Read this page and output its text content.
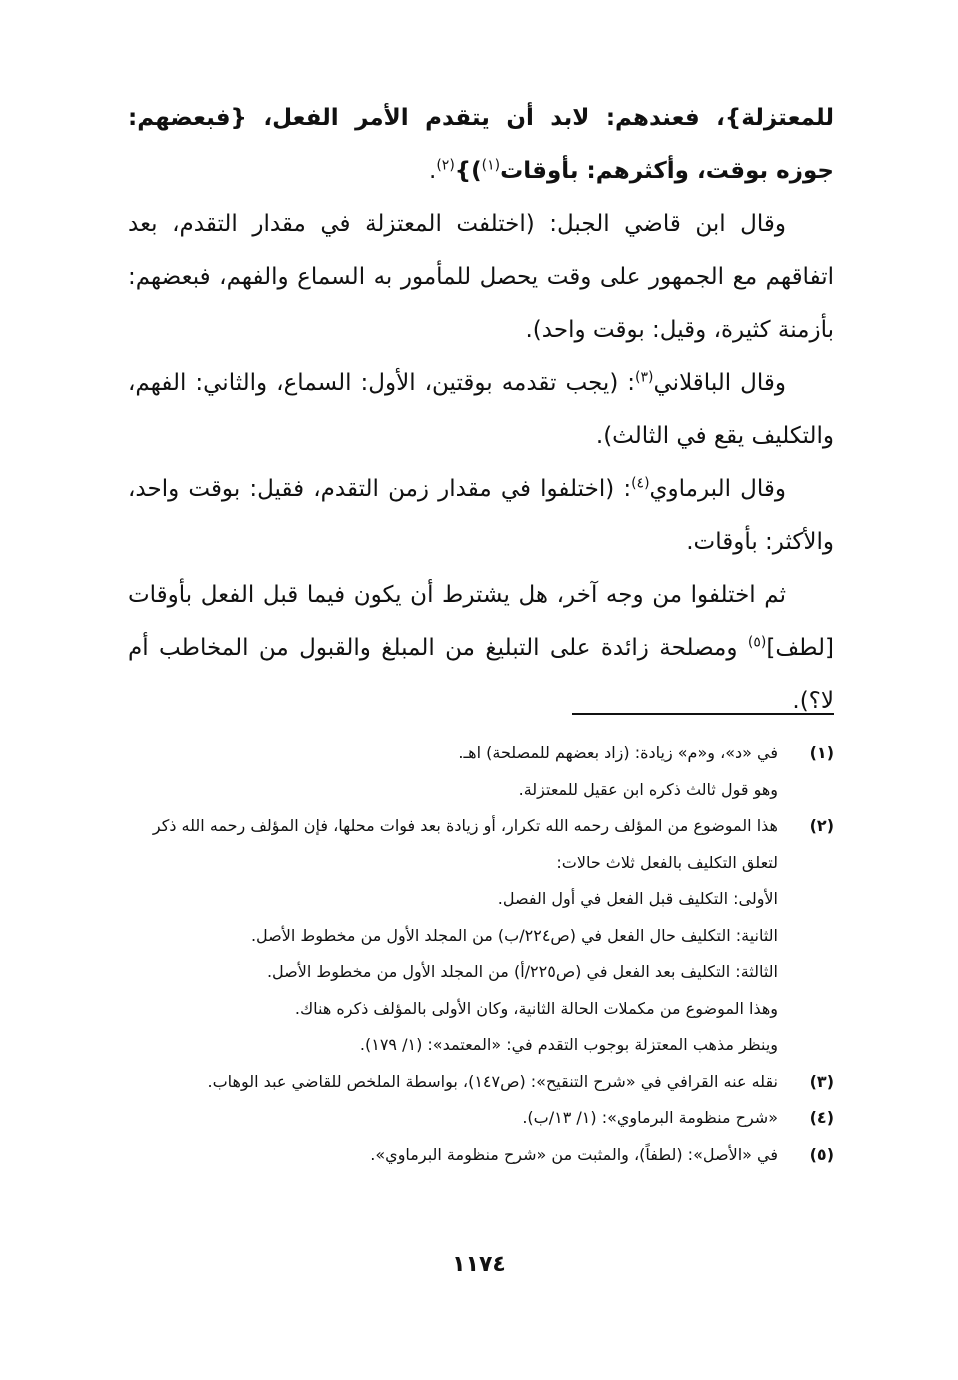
للمعتزلة}، فعندهم: لابد أن يتقدم الأمر الفعل، {فبعضهم: جوزه بوقت، وأكثرهم: بأوقات$^{(١)}$)}$^{(٢)}$.

وقال ابن قاضي الجبل: (اختلفت المعتزلة في مقدار التقدم، بعد اتفاقهم مع الجمهور على وقت يحصل للمأمور به السماع والفهم، فبعضهم: بأزمنة كثيرة، وقيل: بوقت واحد).

وقال الباقلاني$^{(٣)}$: (يجب تقدمه بوقتين، الأول: السماع، والثاني: الفهم، والتكليف يقع في الثالث).

وقال البرماوي$^{(٤)}$: (اختلفوا في مقدار زمن التقدم، فقيل: بوقت واحد، والأكثر: بأوقات.

ثم اختلفوا من وجه آخر، هل يشترط أن يكون فيما قبل الفعل بأوقات [لطف]$^{(٥)}$ ومصلحة زائدة على التبليغ من المبلغ والقبول من المخاطب أم لا؟).

(١)
في «د»، و«م» زيادة: (زاد بعضهم للمصلحة) اهـ.
وهو قول ثالث ذكره ابن عقيل للمعتزلة.
(٢)
هذا الموضوع من المؤلف رحمه الله تكرار، أو زيادة بعد فوات محلها، فإن المؤلف رحمه الله ذكر
لتعلق التكليف بالفعل ثلاث حالات:
الأولى: التكليف قبل الفعل في أول الفصل.
الثانية: التكليف حال الفعل في (ص٢٢٤/ب) من المجلد الأول من مخطوط الأصل.
الثالثة: التكليف بعد الفعل في (ص٢٢٥/أ) من المجلد الأول من مخطوط الأصل.
وهذا الموضوع من مكملات الحالة الثانية، وكان الأولى بالمؤلف ذكره هناك.
وينظر مذهب المعتزلة بوجوب التقدم في: «المعتمد»: (١/ ١٧٩).
(٣)
نقله عنه القرافي في «شرح التنقيح»: (ص١٤٧)، بواسطة الملخص للقاضي عبد الوهاب.
(٤)
«شرح منظومة البرماوي»: (١/ ١٣/ب).
(٥)
في «الأصل»: (لطفاً)، والمثبت من «شرح منظومة البرماوي».
١١٧٤
